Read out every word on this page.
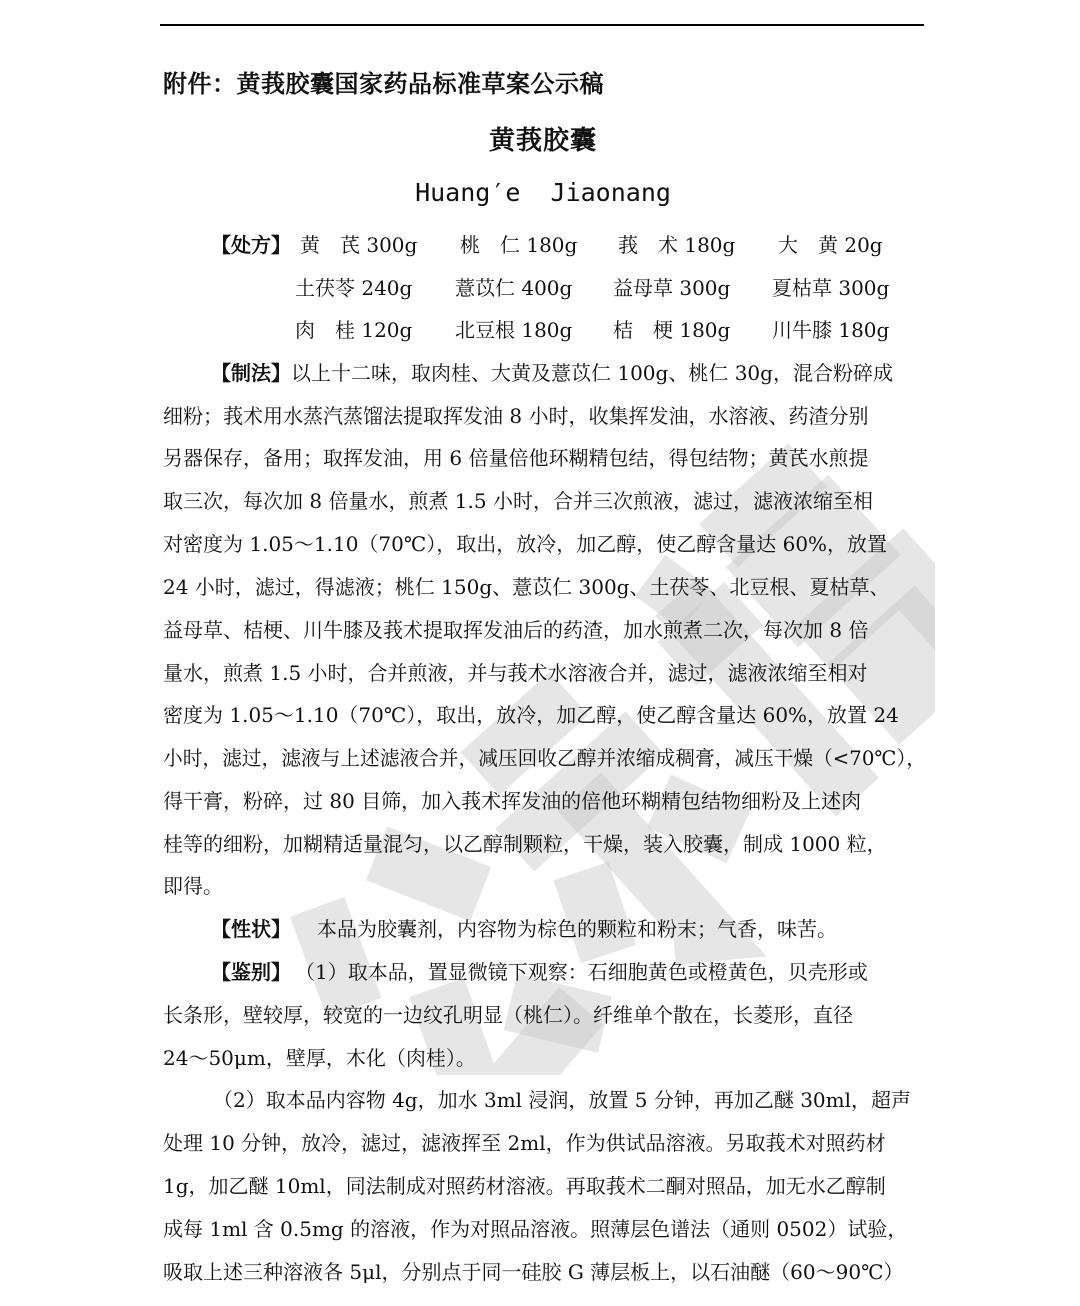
附件：黄莪胶囊国家药品标准草案公示稿
黄莪胶囊
Huang′e  Jiaonang
【处方】 黄　芪 300g 桃　仁 180g 莪　术 180g 大　黄 20g
土茯苓 240g 薏苡仁 400g 益母草 300g 夏枯草 300g
肉　桂 120g 北豆根 180g 桔　梗 180g 川牛膝 180g
【制法】以上十二味，取肉桂、大黄及薏苡仁 100g、桃仁 30g，混合粉碎成
细粉；莪术用水蒸汽蒸馏法提取挥发油 8 小时，收集挥发油，水溶液、药渣分别
另器保存，备用；取挥发油，用 6 倍量倍他环糊精包结，得包结物；黄芪水煎提
取三次，每次加 8 倍量水，煎煮 1.5 小时，合并三次煎液，滤过，滤液浓缩至相
对密度为 1.05～1.10（70℃），取出，放冷，加乙醇，使乙醇含量达 60%，放置
24 小时，滤过，得滤液；桃仁 150g、薏苡仁 300g、土茯苓、北豆根、夏枯草、
益母草、桔梗、川牛膝及莪术提取挥发油后的药渣，加水煎煮二次，每次加 8 倍
量水，煎煮 1.5 小时，合并煎液，并与莪术水溶液合并，滤过，滤液浓缩至相对
密度为 1.05～1.10（70℃），取出，放冷，加乙醇，使乙醇含量达 60%，放置 24
小时，滤过，滤液与上述滤液合并，减压回收乙醇并浓缩成稠膏，减压干燥（<70℃），
得干膏，粉碎，过 80 目筛，加入莪术挥发油的倍他环糊精包结物细粉及上述肉
桂等的细粉，加糊精适量混匀，以乙醇制颗粒，干燥，装入胶囊，制成 1000 粒，
即得。
【性状】 本品为胶囊剂，内容物为棕色的颗粒和粉末；气香，味苦。
【鉴别】 （1）取本品，置显微镜下观察：石细胞黄色或橙黄色，贝壳形或
长条形，壁较厚，较宽的一边纹孔明显（桃仁）。纤维单个散在，长菱形，直径
24～50μm，壁厚，木化（肉桂）。
（2）取本品内容物 4g，加水 3ml 浸润，放置 5 分钟，再加乙醚 30ml，超声
处理 10 分钟，放冷，滤过，滤液挥至 2ml，作为供试品溶液。另取莪术对照药材
1g，加乙醚 10ml，同法制成对照药材溶液。再取莪术二酮对照品，加无水乙醇制
成每 1ml 含 0.5mg 的溶液，作为对照品溶液。照薄层色谱法（通则 0502）试验，
吸取上述三种溶液各 5μl，分别点于同一硅胶 G 薄层板上，以石油醚（60～90℃）
